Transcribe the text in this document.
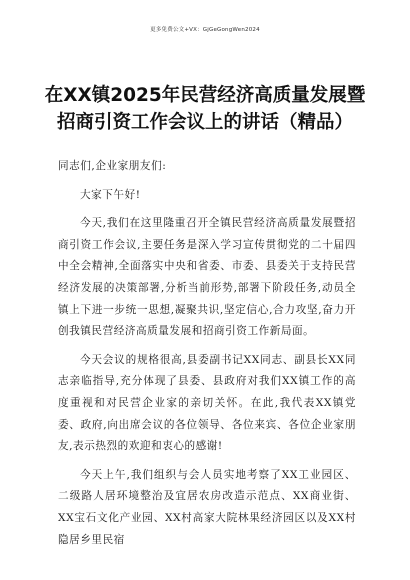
更多免费公文+VX：GjGeGongWen2024
在XX镇2025年民营经济高质量发展暨招商引资工作会议上的讲话（精品）

同志们,企业家朋友们:

大家下午好!

今天,我们在这里隆重召开全镇民营经济高质量发展暨招商引资工作会议,主要任务是深入学习宣传贯彻党的二十届四中全会精神,全面落实中央和省委、市委、县委关于支持民营经济发展的决策部署,分析当前形势,部署下阶段任务,动员全镇上下进一步统一思想,凝聚共识,坚定信心,合力攻坚,奋力开创我镇民营经济高质量发展和招商引资工作新局面。

今天会议的规格很高,县委副书记XX同志、副县长XX同志亲临指导,充分体现了县委、县政府对我们XX镇工作的高度重视和对民营企业家的亲切关怀。在此,我代表XX镇党委、政府,向出席会议的各位领导、各位来宾、各位企业家朋友,表示热烈的欢迎和衷心的感谢!

今天上午,我们组织与会人员实地考察了XX工业园区、二级路人居环境整治及宜居农房改造示范点、XX商业街、XX宝石文化产业园、XX村高家大院林果经济园区以及XX村隐居乡里民宿
